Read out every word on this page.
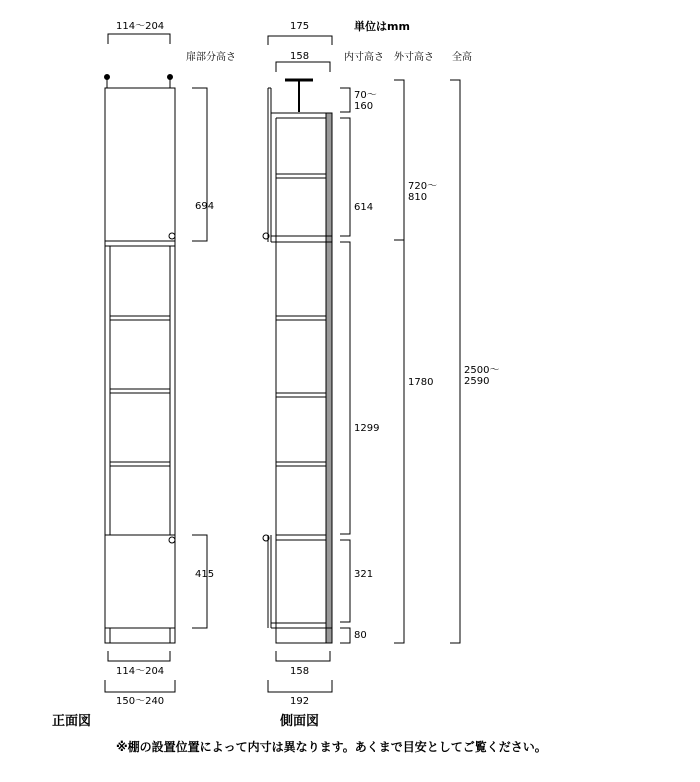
単位はmm
扉部分高さ	内寸高さ 外寸高さ 全高
114〜204
694
415
114〜204
150〜240
正面図
175
158
70〜
160
614
1299
321
80
720〜
810
1780
2500〜
2590
158
192
側面図
※棚の設置位置によって内寸は異なります。あくまで目安としてご覧ください。
